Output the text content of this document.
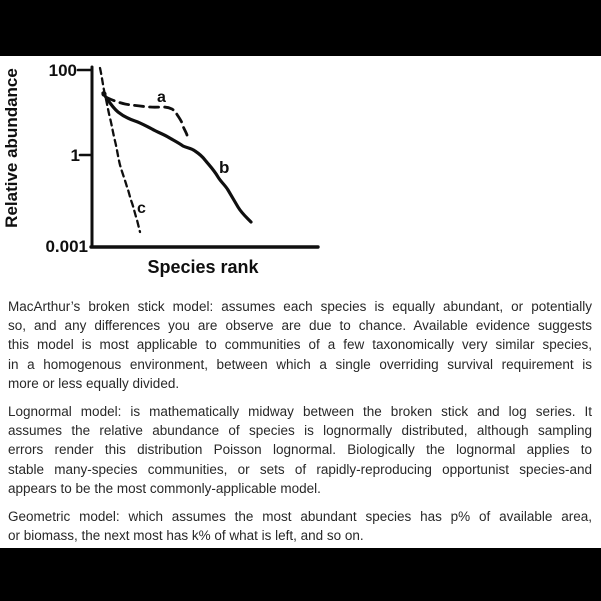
100
1
0.001
Relative abundance
Species rank
a
b
c
MacArthur’s broken stick model: assumes each species is equally abundant, or potentially
so, and any differences you are observe are due to chance. Available evidence suggests
this model is most applicable to communities of a few taxonomically very similar species,
in a homogenous environment, between which a single overriding survival requirement is
more or less equally divided.
Lognormal model: is mathematically midway between the broken stick and log series. It
assumes the relative abundance of species is lognormally distributed, although sampling
errors render this distribution Poisson lognormal. Biologically the lognormal applies to
stable many-species communities, or sets of rapidly-reproducing opportunist species-and
appears to be the most commonly-applicable model.
Geometric model: which assumes the most abundant species has p% of available area,
or biomass, the next most has k% of what is left, and so on.
